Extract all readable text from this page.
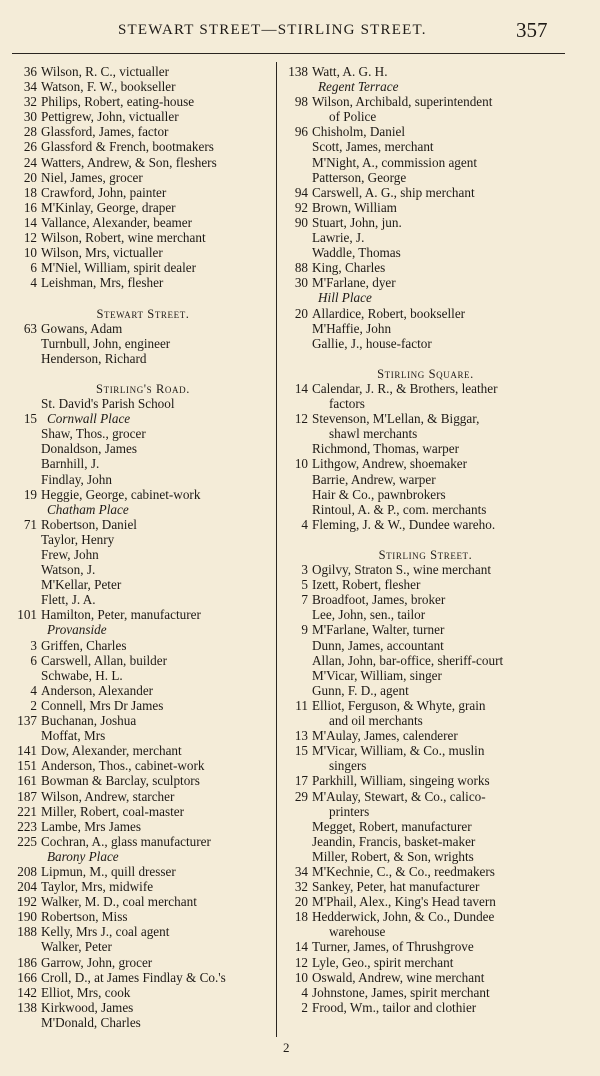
STEWART STREET—STIRLING STREET.	357
36 Wilson, R. C., victualler
34 Watson, F. W., bookseller
32 Philips, Robert, eating-house
30 Pettigrew, John, victualler
28 Glassford, James, factor
26 Glassford & French, bootmakers
24 Watters, Andrew, & Son, fleshers
20 Niel, James, grocer
18 Crawford, John, painter
16 M'Kinlay, George, draper
14 Vallance, Alexander, beamer
12 Wilson, Robert, wine merchant
10 Wilson, Mrs, victualler
6 M'Niel, William, spirit dealer
4 Leishman, Mrs, flesher
Stewart Street.
63 Gowans, Adam
Turnbull, John, engineer
Henderson, Richard
Stirling's Road.
St. David's Parish School
15 Cornwall Place
Shaw, Thos., grocer
Donaldson, James
Barnhill, J.
Findlay, John
19 Heggie, George, cabinet-work
Chatham Place
71 Robertson, Daniel
Taylor, Henry
Frew, John
Watson, J.
M'Kellar, Peter
Flett, J. A.
101 Hamilton, Peter, manufacturer
Provanside
3 Griffen, Charles
6 Carswell, Allan, builder
Schwabe, H. L.
4 Anderson, Alexander
2 Connell, Mrs Dr James
137 Buchanan, Joshua
Moffat, Mrs
141 Dow, Alexander, merchant
151 Anderson, Thos., cabinet-work
161 Bowman & Barclay, sculptors
187 Wilson, Andrew, starcher
221 Miller, Robert, coal-master
223 Lambe, Mrs James
225 Cochran, A., glass manufacturer
Barony Place
208 Lipmun, M., quill dresser
204 Taylor, Mrs, midwife
192 Walker, M. D., coal merchant
190 Robertson, Miss
188 Kelly, Mrs J., coal agent
Walker, Peter
186 Garrow, John, grocer
166 Croll, D., at James Findlay & Co.'s
142 Elliot, Mrs, cook
138 Kirkwood, James
M'Donald, Charles
138 Watt, A. G. H.
Regent Terrace
98 Wilson, Archibald, superintendent
of Police
96 Chisholm, Daniel
Scott, James, merchant
M'Night, A., commission agent
Patterson, George
94 Carswell, A. G., ship merchant
92 Brown, William
90 Stuart, John, jun.
Lawrie, J.
Waddle, Thomas
88 King, Charles
30 M'Farlane, dyer
Hill Place
20 Allardice, Robert, bookseller
M'Haffie, John
Gallie, J., house-factor
Stirling Square.
14 Calendar, J. R., & Brothers, leather
factors
12 Stevenson, M'Lellan, & Biggar,
shawl merchants
Richmond, Thomas, warper
10 Lithgow, Andrew, shoemaker
Barrie, Andrew, warper
Hair & Co., pawnbrokers
Rintoul, A. & P., com. merchants
4 Fleming, J. & W., Dundee wareho.
Stirling Street.
3 Ogilvy, Straton S., wine merchant
5 Izett, Robert, flesher
7 Broadfoot, James, broker
Lee, John, sen., tailor
9 M'Farlane, Walter, turner
Dunn, James, accountant
Allan, John, bar-office, sheriff-court
M'Vicar, William, singer
Gunn, F. D., agent
11 Elliot, Ferguson, & Whyte, grain
and oil merchants
13 M'Aulay, James, calenderer
15 M'Vicar, William, & Co., muslin
singers
17 Parkhill, William, singeing works
29 M'Aulay, Stewart, & Co., calico-
printers
Megget, Robert, manufacturer
Jeandin, Francis, basket-maker
Miller, Robert, & Son, wrights
34 M'Kechnie, C., & Co., reedmakers
32 Sankey, Peter, hat manufacturer
20 M'Phail, Alex., King's Head tavern
18 Hedderwick, John, & Co., Dundee
warehouse
14 Turner, James, of Thrushgrove
12 Lyle, Geo., spirit merchant
10 Oswald, Andrew, wine merchant
4 Johnstone, James, spirit merchant
2 Frood, Wm., tailor and clothier
2
